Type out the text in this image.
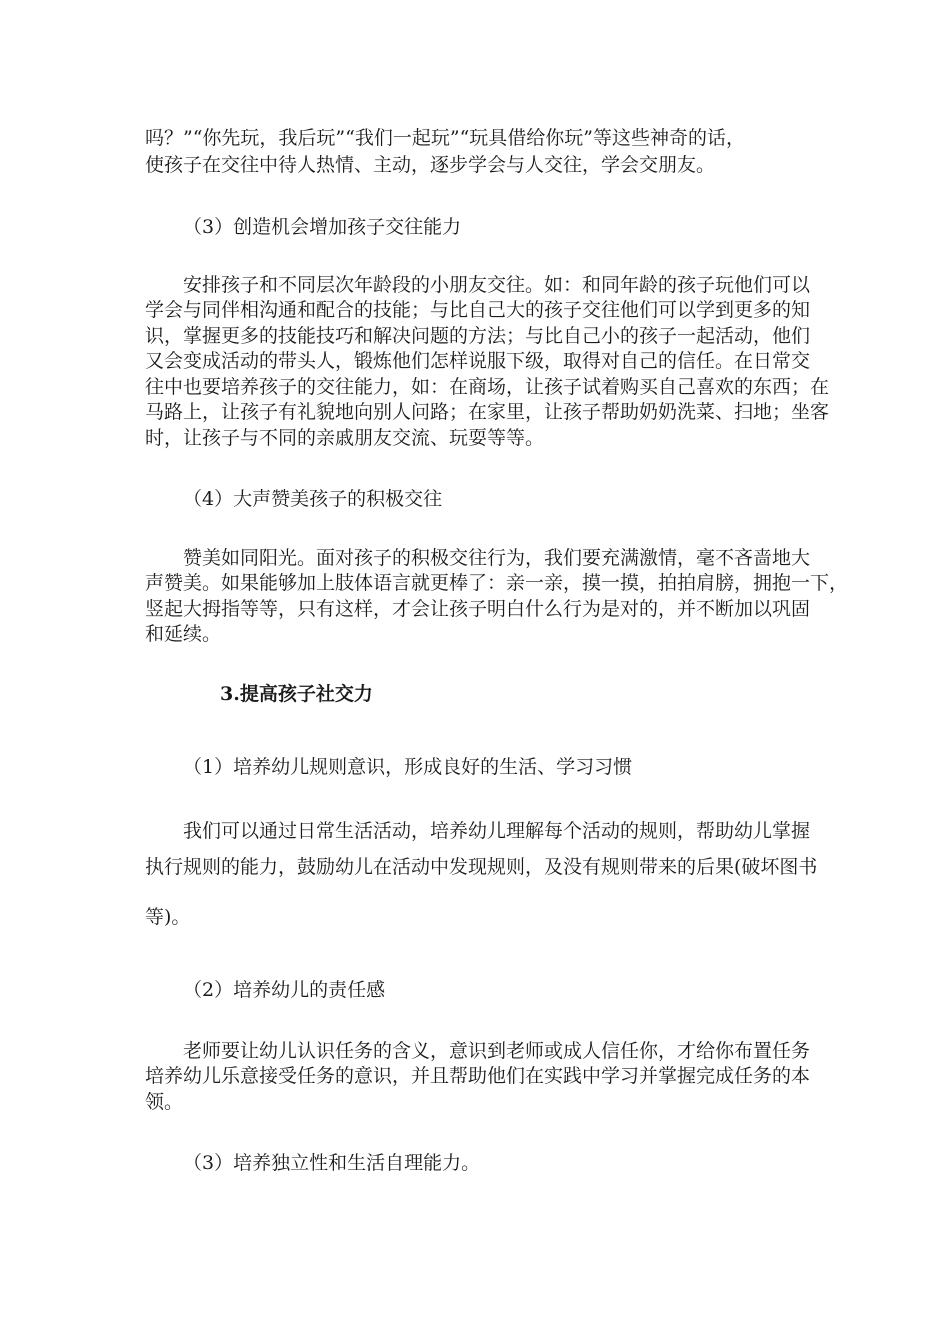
吗？”“你先玩，我后玩”“我们一起玩”“玩具借给你玩”等这些神奇的话，
使孩子在交往中待人热情、主动，逐步学会与人交往，学会交朋友。
（3）创造机会增加孩子交往能力
安排孩子和不同层次年龄段的小朋友交往。如：和同年龄的孩子玩他们可以
学会与同伴相沟通和配合的技能；与比自己大的孩子交往他们可以学到更多的知
识，掌握更多的技能技巧和解决问题的方法；与比自己小的孩子一起活动，他们
又会变成活动的带头人，锻炼他们怎样说服下级，取得对自己的信任。在日常交
往中也要培养孩子的交往能力，如：在商场，让孩子试着购买自己喜欢的东西；在
马路上，让孩子有礼貌地向别人问路；在家里，让孩子帮助奶奶洗菜、扫地；坐客
时，让孩子与不同的亲戚朋友交流、玩耍等等。
（4）大声赞美孩子的积极交往
赞美如同阳光。面对孩子的积极交往行为，我们要充满激情，毫不吝啬地大
声赞美。如果能够加上肢体语言就更棒了：亲一亲，摸一摸，拍拍肩膀，拥抱一下，
竖起大拇指等等，只有这样，才会让孩子明白什么行为是对的，并不断加以巩固
和延续。
3.提高孩子社交力
（1）培养幼儿规则意识，形成良好的生活、学习习惯
我们可以通过日常生活活动，培养幼儿理解每个活动的规则，帮助幼儿掌握
执行规则的能力，鼓励幼儿在活动中发现规则，及没有规则带来的后果(破坏图书
等)。
（2）培养幼儿的责任感
老师要让幼儿认识任务的含义，意识到老师或成人信任你，才给你布置任务
培养幼儿乐意接受任务的意识，并且帮助他们在实践中学习并掌握完成任务的本
领。
（3）培养独立性和生活自理能力。
